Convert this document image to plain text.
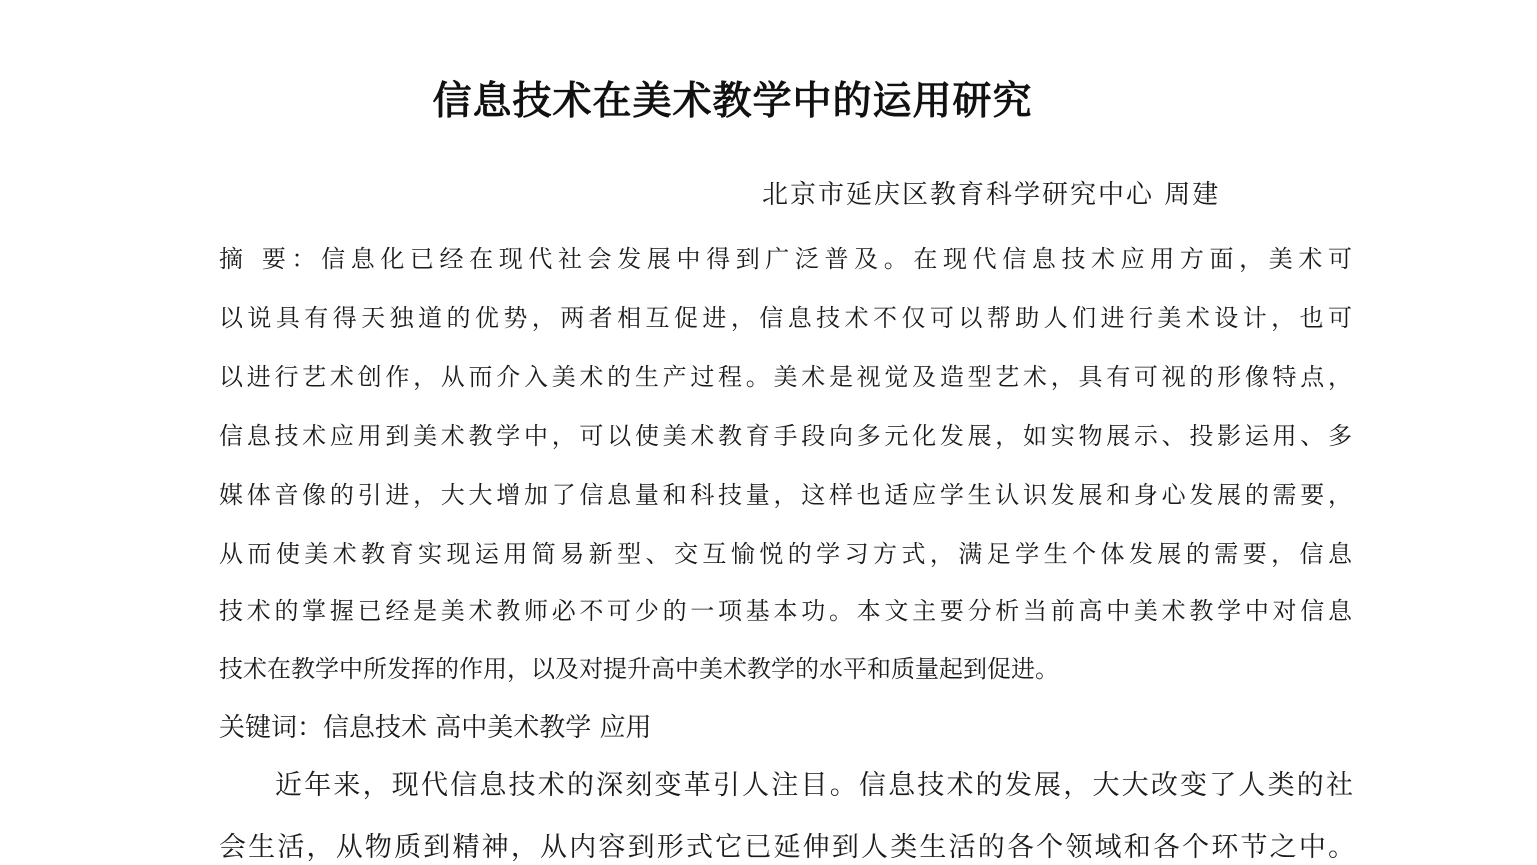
信息技术在美术教学中的运用研究
北京市延庆区教育科学研究中心 周建
摘 要：信息化已经在现代社会发展中得到广泛普及。在现代信息技术应用方面，美术可
以说具有得天独道的优势，两者相互促进，信息技术不仅可以帮助人们进行美术设计，也可
以进行艺术创作，从而介入美术的生产过程。美术是视觉及造型艺术，具有可视的形像特点，
信息技术应用到美术教学中，可以使美术教育手段向多元化发展，如实物展示、投影运用、多
媒体音像的引进，大大增加了信息量和科技量，这样也适应学生认识发展和身心发展的需要，
从而使美术教育实现运用简易新型、交互愉悦的学习方式，满足学生个体发展的需要，信息
技术的掌握已经是美术教师必不可少的一项基本功。本文主要分析当前高中美术教学中对信息
技术在教学中所发挥的作用，以及对提升高中美术教学的水平和质量起到促进。
关键词：信息技术 高中美术教学 应用
近年来，现代信息技术的深刻变革引人注目。信息技术的发展，大大改变了人类的社
会生活，从物质到精神，从内容到形式它已延伸到人类生活的各个领域和各个环节之中。
